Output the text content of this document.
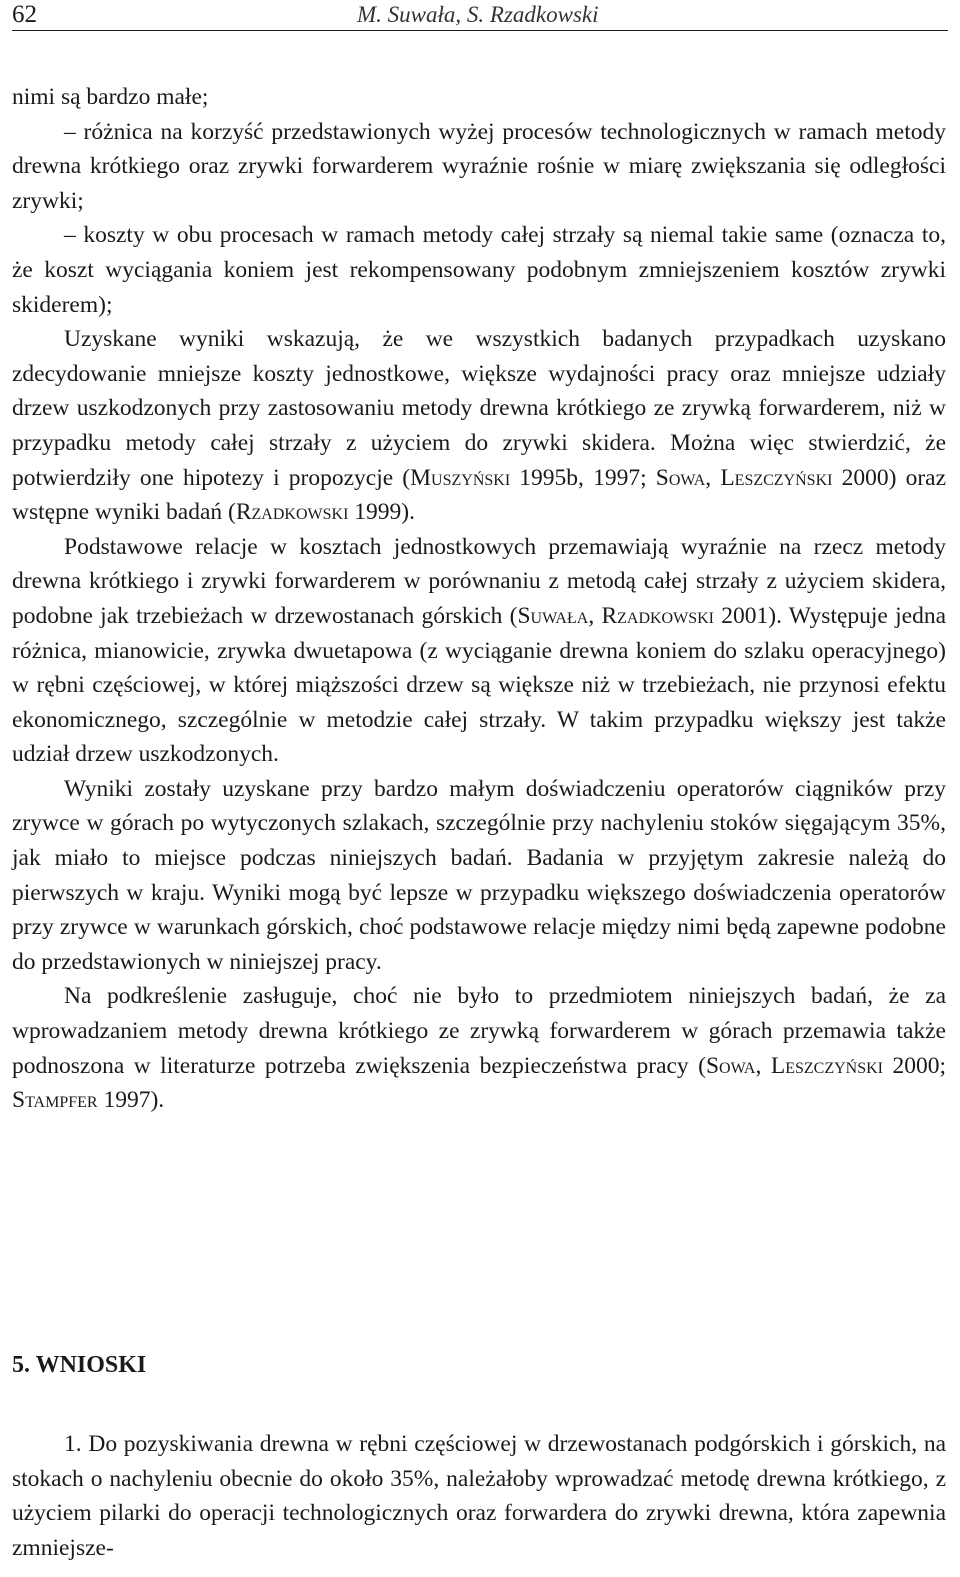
62	M. Suwała, S. Rzadkowski

nimi są bardzo małe;

– różnica na korzyść przedstawionych wyżej procesów technologicznych w ramach metody drewna krótkiego oraz zrywki forwarderem wyraźnie rośnie w miarę zwiększania się odległości zrywki;

– koszty w obu procesach w ramach metody całej strzały są niemal takie same (oznacza to, że koszt wyciągania koniem jest rekompensowany podobnym zmniejszeniem kosztów zrywki skiderem);

Uzyskane wyniki wskazują, że we wszystkich badanych przypadkach uzyskano zdecydowanie mniejsze koszty jednostkowe, większe wydajności pracy oraz mniejsze udziały drzew uszkodzonych przy zastosowaniu metody drewna krótkiego ze zrywką forwarderem, niż w przypadku metody całej strzały z użyciem do zrywki skidera. Można więc stwierdzić, że potwierdziły one hipotezy i propozycje (Muszyński 1995b, 1997; Sowa, Leszczyński 2000) oraz wstępne wyniki badań (Rzadkowski 1999).

Podstawowe relacje w kosztach jednostkowych przemawiają wyraźnie na rzecz metody drewna krótkiego i zrywki forwarderem w porównaniu z metodą całej strzały z użyciem skidera, podobne jak trzebieżach w drzewostanach górskich (Suwała, Rzadkowski 2001). Występuje jedna różnica, mianowicie, zrywka dwuetapowa (z wyciąganie drewna koniem do szlaku operacyjnego) w rębni częściowej, w której miąższości drzew są większe niż w trzebieżach, nie przynosi efektu ekonomicznego, szczególnie w metodzie całej strzały. W takim przypadku większy jest także udział drzew uszkodzonych.

Wyniki zostały uzyskane przy bardzo małym doświadczeniu operatorów ciągników przy zrywce w górach po wytyczonych szlakach, szczególnie przy nachyleniu stoków sięgającym 35%, jak miało to miejsce podczas niniejszych badań. Badania w przyjętym zakresie należą do pierwszych w kraju. Wyniki mogą być lepsze w przypadku większego doświadczenia operatorów przy zrywce w warunkach górskich, choć podstawowe relacje między nimi będą zapewne podobne do przedstawionych w niniejszej pracy.

Na podkreślenie zasługuje, choć nie było to przedmiotem niniejszych badań, że za wprowadzaniem metody drewna krótkiego ze zrywką forwarderem w górach przemawia także podnoszona w literaturze potrzeba zwiększenia bezpieczeństwa pracy (Sowa, Leszczyński 2000; Stampfer 1997).

5. WNIOSKI

1. Do pozyskiwania drewna w rębni częściowej w drzewostanach podgórskich i górskich, na stokach o nachyleniu obecnie do około 35%, należałoby wprowadzać metodę drewna krótkiego, z użyciem pilarki do operacji technologicznych oraz forwardera do zrywki drewna, która zapewnia zmniejsze-
